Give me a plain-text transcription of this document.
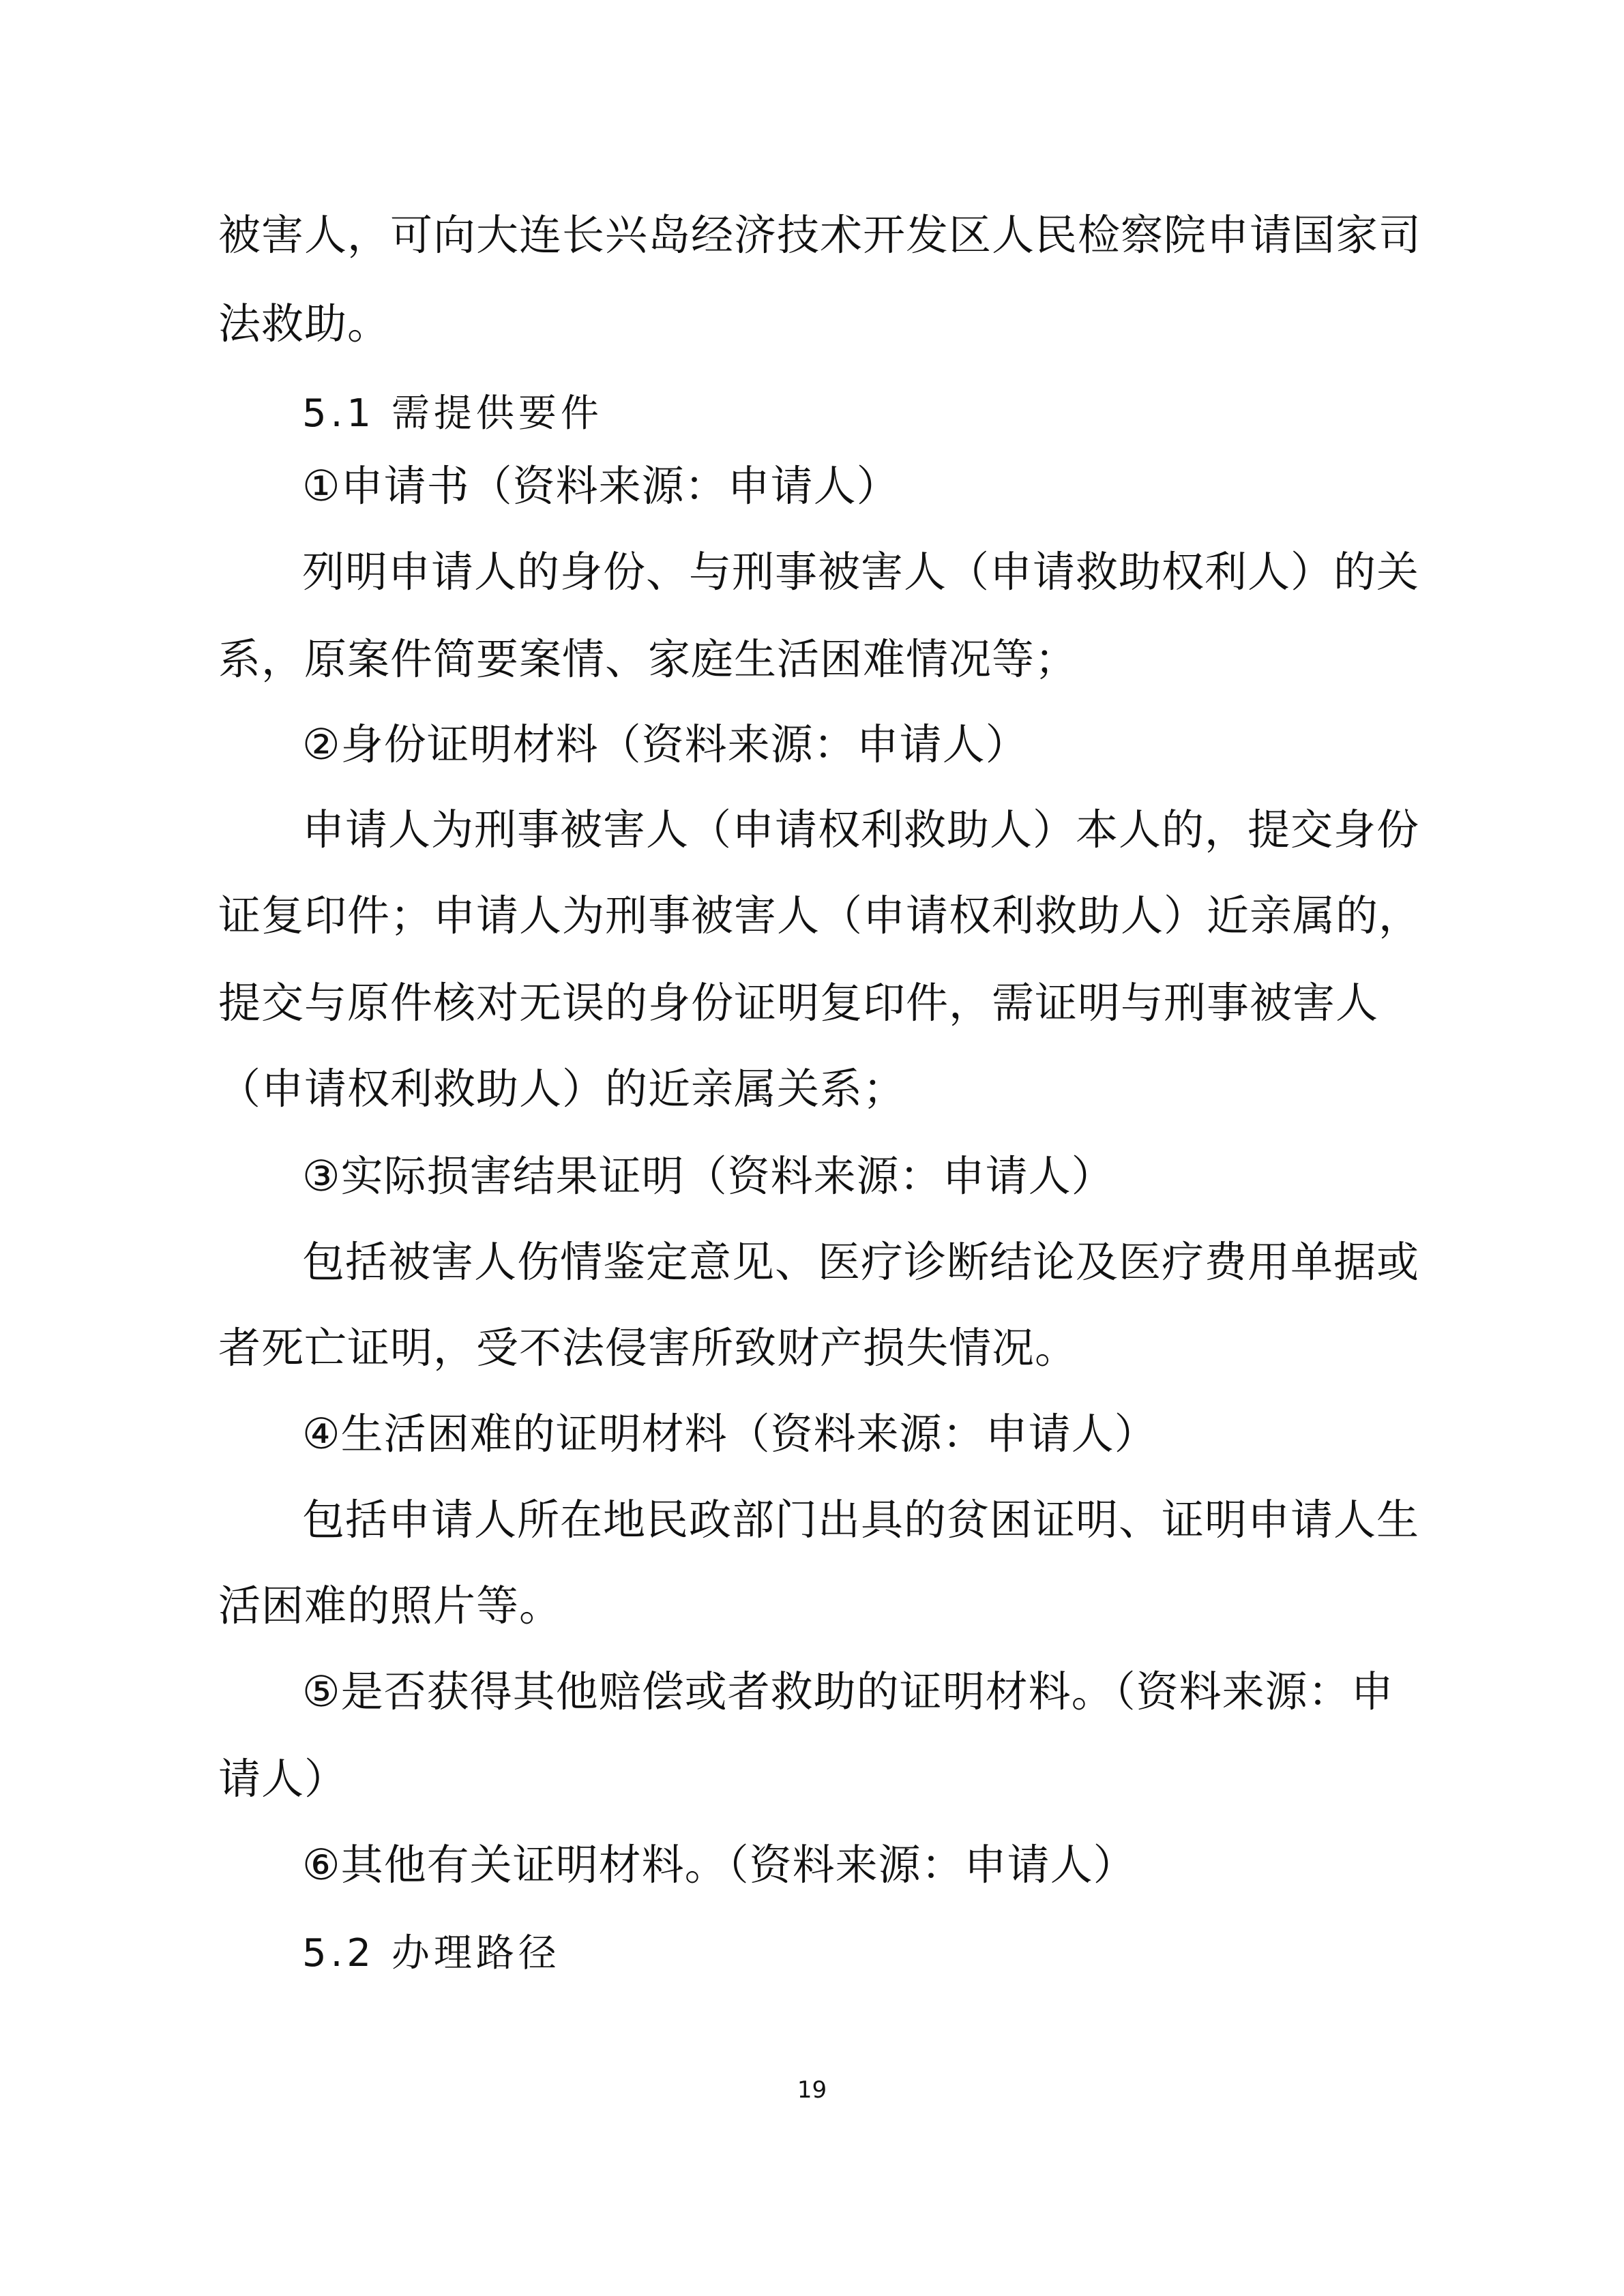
被害人，可向大连长兴岛经济技术开发区人民检察院申请国家司
法救助。
5.1 需提供要件
①申请书（资料来源：申请人）
列明申请人的身份、与刑事被害人（申请救助权利人）的关
系，原案件简要案情、家庭生活困难情况等；
②身份证明材料（资料来源：申请人）
申请人为刑事被害人（申请权利救助人）本人的，提交身份
证复印件；申请人为刑事被害人（申请权利救助人）近亲属的，
提交与原件核对无误的身份证明复印件，需证明与刑事被害人
（申请权利救助人）的近亲属关系；
③实际损害结果证明（资料来源：申请人）
包括被害人伤情鉴定意见、医疗诊断结论及医疗费用单据或
者死亡证明，受不法侵害所致财产损失情况。
④生活困难的证明材料（资料来源：申请人）
包括申请人所在地民政部门出具的贫困证明、证明申请人生
活困难的照片等。
⑤是否获得其他赔偿或者救助的证明材料。（资料来源：申
请人）
⑥其他有关证明材料。（资料来源：申请人）
5.2 办理路径
19
